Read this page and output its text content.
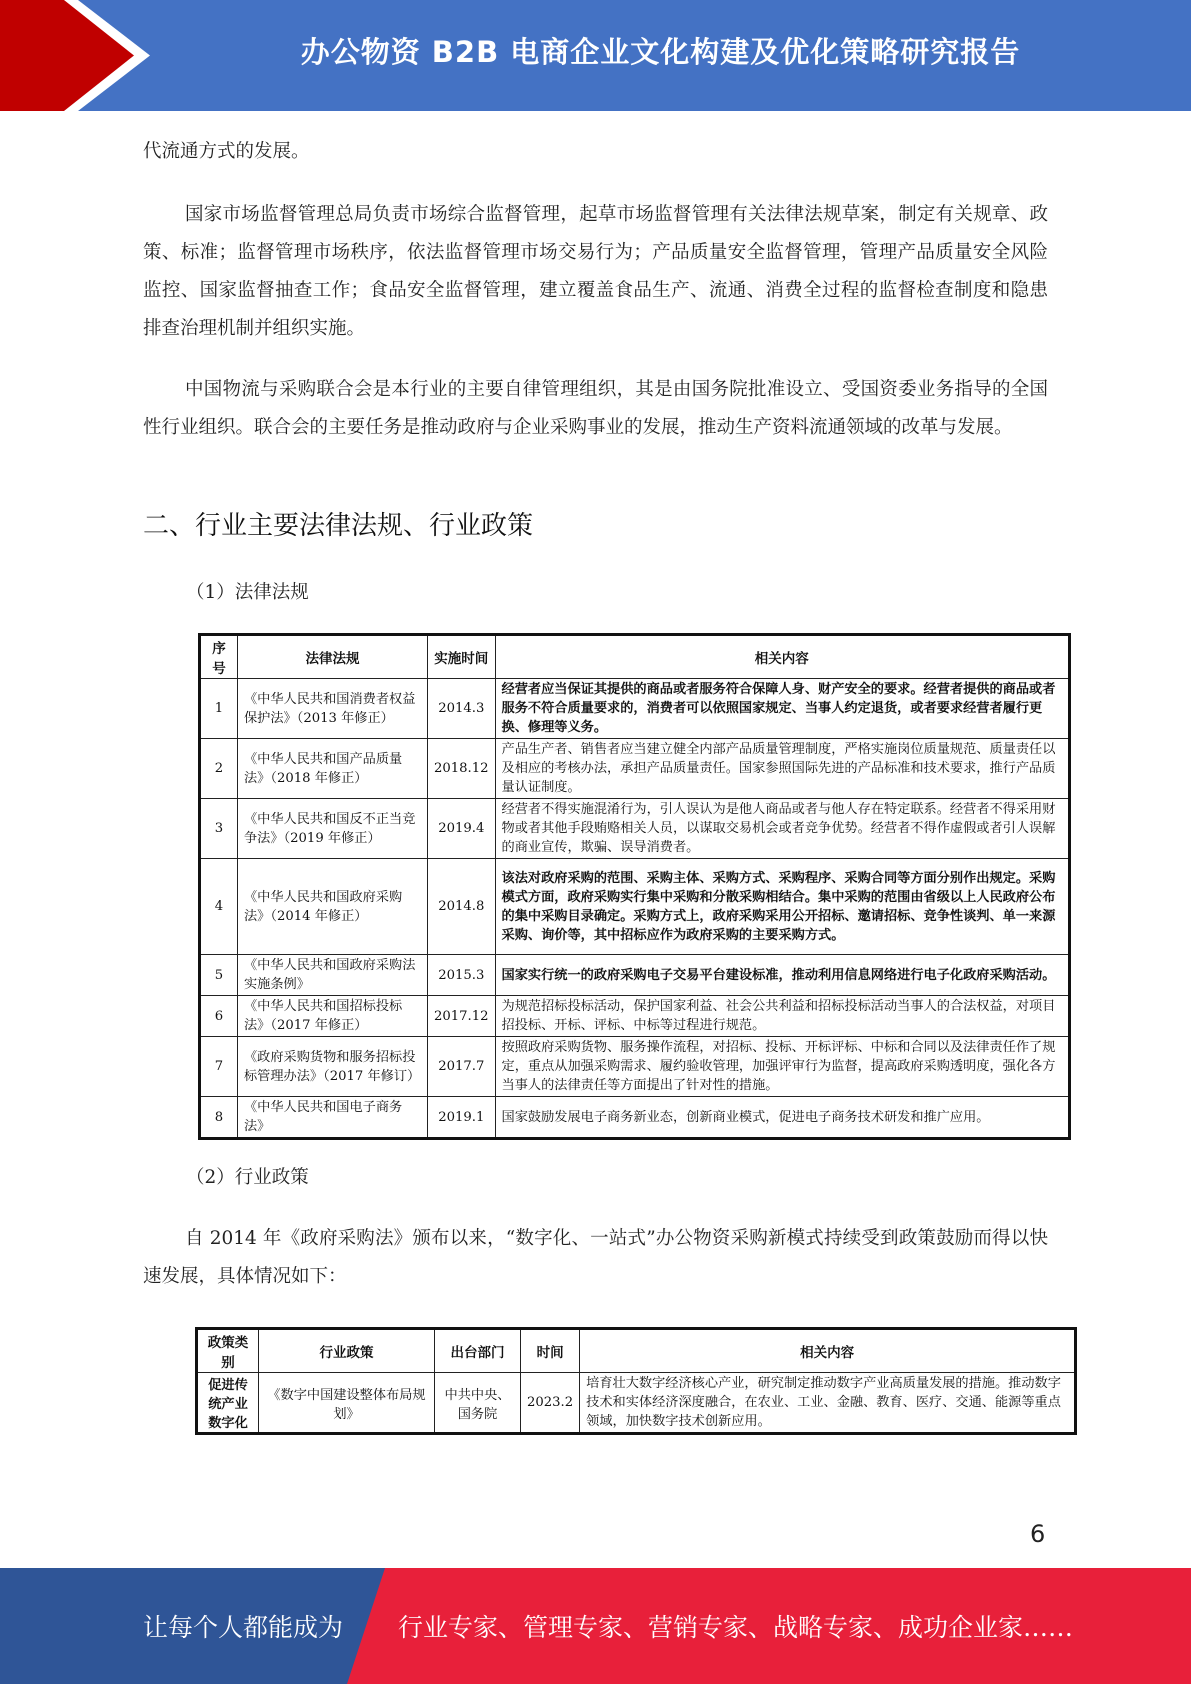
办公物资 B2B 电商企业文化构建及优化策略研究报告

代流通方式的发展。

国家市场监督管理总局负责市场综合监督管理，起草市场监督管理有关法律法规草案，制定有关规章、政策、标准；监督管理市场秩序，依法监督管理市场交易行为；产品质量安全监督管理，管理产品质量安全风险监控、国家监督抽查工作；食品安全监督管理，建立覆盖食品生产、流通、消费全过程的监督检查制度和隐患排查治理机制并组织实施。

中国物流与采购联合会是本行业的主要自律管理组织，其是由国务院批准设立、受国资委业务指导的全国性行业组织。联合会的主要任务是推动政府与企业采购事业的发展，推动生产资料流通领域的改革与发展。

二、行业主要法律法规、行业政策
（1）法律法规
序号	法律法规	实施时间	相关内容
1	《中华人民共和国消费者权益保护法》（2013 年修正）	2014.3	经营者应当保证其提供的商品或者服务符合保障人身、财产安全的要求。经营者提供的商品或者服务不符合质量要求的，消费者可以依照国家规定、当事人约定退货，或者要求经营者履行更换、修理等义务。
2	《中华人民共和国产品质量法》（2018 年修正）	2018.12	产品生产者、销售者应当建立健全内部产品质量管理制度，严格实施岗位质量规范、质量责任以及相应的考核办法，承担产品质量责任。国家参照国际先进的产品标准和技术要求，推行产品质量认证制度。
3	《中华人民共和国反不正当竞争法》（2019 年修正）	2019.4	经营者不得实施混淆行为，引人误认为是他人商品或者与他人存在特定联系。经营者不得采用财物或者其他手段贿赂相关人员，以谋取交易机会或者竞争优势。经营者不得作虚假或者引人误解的商业宣传，欺骗、误导消费者。
4	《中华人民共和国政府采购法》（2014 年修正）	2014.8	该法对政府采购的范围、采购主体、采购方式、采购程序、采购合同等方面分别作出规定。采购模式方面，政府采购实行集中采购和分散采购相结合。集中采购的范围由省级以上人民政府公布的集中采购目录确定。采购方式上，政府采购采用公开招标、邀请招标、竞争性谈判、单一来源采购、询价等，其中招标应作为政府采购的主要采购方式。
5	《中华人民共和国政府采购法实施条例》	2015.3	国家实行统一的政府采购电子交易平台建设标准，推动利用信息网络进行电子化政府采购活动。
6	《中华人民共和国招标投标法》（2017 年修正）	2017.12	为规范招标投标活动，保护国家利益、社会公共利益和招标投标活动当事人的合法权益，对项目招投标、开标、评标、中标等过程进行规范。
7	《政府采购货物和服务招标投标管理办法》（2017 年修订）	2017.7	按照政府采购货物、服务操作流程，对招标、投标、开标评标、中标和合同以及法律责任作了规定，重点从加强采购需求、履约验收管理，加强评审行为监督，提高政府采购透明度，强化各方当事人的法律责任等方面提出了针对性的措施。
8	《中华人民共和国电子商务法》	2019.1	国家鼓励发展电子商务新业态，创新商业模式，促进电子商务技术研发和推广应用。
（2）行业政策

自 2014 年《政府采购法》颁布以来，“数字化、一站式”办公物资采购新模式持续受到政策鼓励而得以快速发展，具体情况如下：

政策类别	行业政策	出台部门	时间	相关内容
促进传统产业数字化	《数字中国建设整体布局规划》	中共中央、国务院	2023.2	培育壮大数字经济核心产业，研究制定推动数字产业高质量发展的措施。推动数字技术和实体经济深度融合，在农业、工业、金融、教育、医疗、交通、能源等重点领域，加快数字技术创新应用。
6
让每个人都能成为 行业专家、管理专家、营销专家、战略专家、成功企业家……
